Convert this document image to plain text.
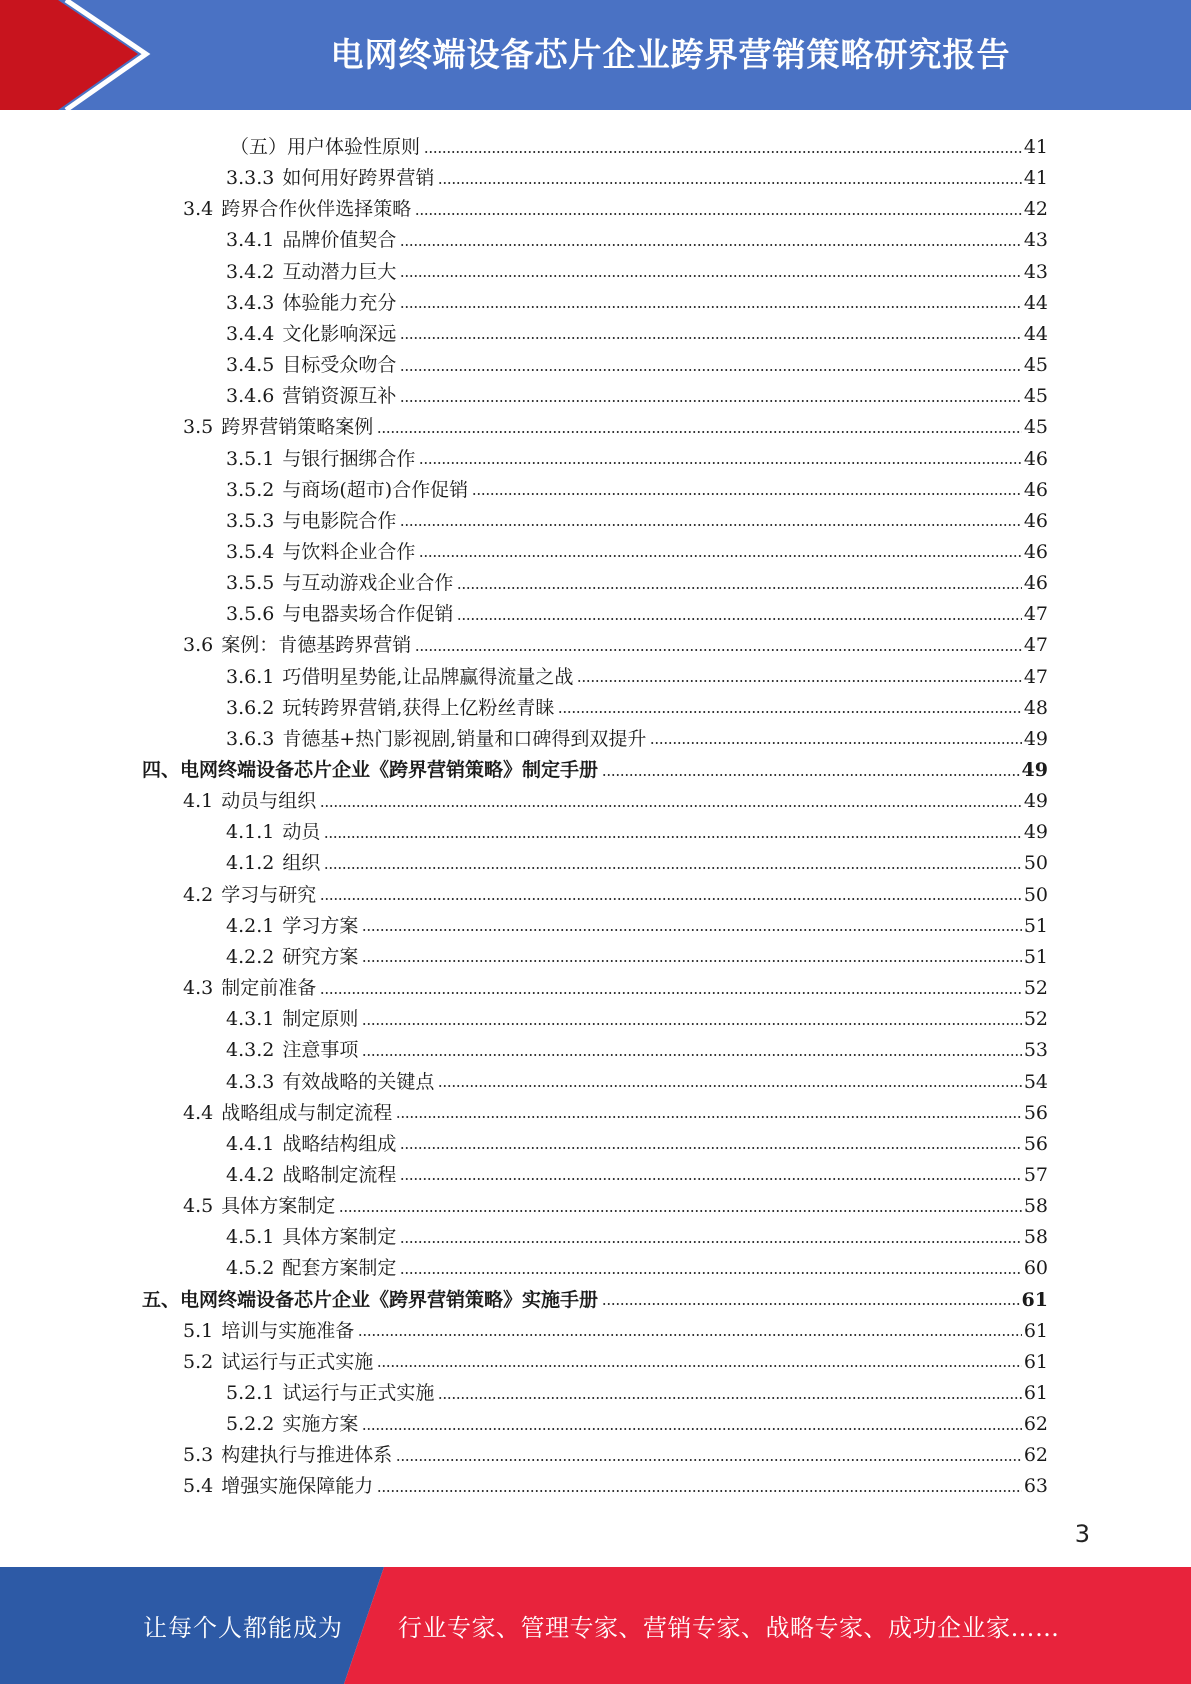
电网终端设备芯片企业跨界营销策略研究报告
（五）用户体验性原则	41
3.3.3 如何用好跨界营销	41
3.4 跨界合作伙伴选择策略	42
3.4.1 品牌价值契合	43
3.4.2 互动潜力巨大	43
3.4.3 体验能力充分	44
3.4.4 文化影响深远	44
3.4.5 目标受众吻合	45
3.4.6 营销资源互补	45
3.5 跨界营销策略案例	45
3.5.1 与银行捆绑合作	46
3.5.2 与商场(超市)合作促销	46
3.5.3 与电影院合作	46
3.5.4 与饮料企业合作	46
3.5.5 与互动游戏企业合作	46
3.5.6 与电器卖场合作促销	47
3.6 案例：肯德基跨界营销	47
3.6.1 巧借明星势能,让品牌赢得流量之战	47
3.6.2 玩转跨界营销,获得上亿粉丝青睐	48
3.6.3 肯德基+热门影视剧,销量和口碑得到双提升	49
四、电网终端设备芯片企业《跨界营销策略》制定手册	49
4.1 动员与组织	49
4.1.1 动员	49
4.1.2 组织	50
4.2 学习与研究	50
4.2.1 学习方案	51
4.2.2 研究方案	51
4.3 制定前准备	52
4.3.1 制定原则	52
4.3.2 注意事项	53
4.3.3 有效战略的关键点	54
4.4 战略组成与制定流程	56
4.4.1 战略结构组成	56
4.4.2 战略制定流程	57
4.5 具体方案制定	58
4.5.1 具体方案制定	58
4.5.2 配套方案制定	60
五、电网终端设备芯片企业《跨界营销策略》实施手册	61
5.1 培训与实施准备	61
5.2 试运行与正式实施	61
5.2.1 试运行与正式实施	61
5.2.2 实施方案	62
5.3 构建执行与推进体系	62
5.4 增强实施保障能力	63
3
让每个人都能成为 行业专家、管理专家、营销专家、战略专家、成功企业家……
